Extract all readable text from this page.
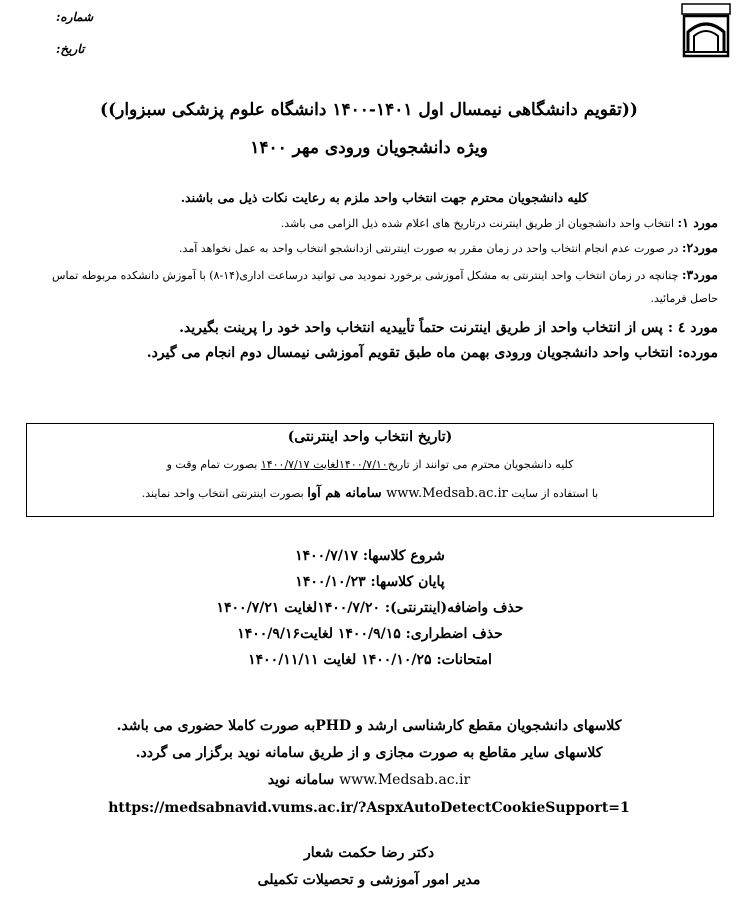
شماره:
تاریخ:
((تقویم دانشگاهی نیمسال اول ۱۴۰۱-۱۴۰۰ دانشگاه علوم پزشکی سبزوار))
ویژه دانشجویان ورودی مهر ۱۴۰۰
کلیه دانشجویان محترم جهت انتخاب واحد ملزم به رعایت نکات ذیل می باشند.
مورد ۱: انتخاب واحد دانشجویان از طریق اینترنت درتاریخ های اعلام شده ذیل الزامی می باشد.
مورد۲: در صورت عدم انجام انتخاب واحد در زمان مقرر به صورت اینترنتی ازدانشجو انتخاب واحد به عمل نخواهد آمد.
مورد۳: چنانچه در زمان انتخاب واحد اینترنتی به مشکل آموزشی برخورد نمودید می توانید درساعت اداری(۱۴-۸) با آموزش دانشکده مربوطه تماس
حاصل فرمائید.
مورد ٤ : پس از انتخاب واحد از طریق اینترنت حتماً تأییدیه انتخاب واحد خود را پرینت بگیرید.
مورده: انتخاب واحد دانشجویان ورودی بهمن ماه طبق تقویم آموزشی نیمسال دوم انجام می گیرد.
(تاریخ انتخاب واحد اینترنتی)
کلیه دانشجویان محترم می توانند از تاریخ۱۴۰۰/۷/۱۰لغایت ۱۴۰۰/۷/۱۷ بصورت تمام وقت و
با استفاده از سایت www.Medsab.ac.ir سامانه هم آوا بصورت اینترنتی انتخاب واحد نمایند.
شروع کلاسها: ۱۴۰۰/۷/۱۷
پایان کلاسها: ۱۴۰۰/۱۰/۲۳
حذف واضافه(اینترنتی): ۱۴۰۰/۷/۲۰لغایت ۱۴۰۰/۷/۲۱
حذف اضطراری: ۱۴۰۰/۹/۱۵ لغایت۱۴۰۰/۹/۱۶
امتحانات: ۱۴۰۰/۱۰/۲۵ لغایت ۱۴۰۰/۱۱/۱۱
کلاسهای دانشجویان مقطع کارشناسی ارشد و PHDبه صورت کاملا حضوری می باشد.
کلاسهای سایر مقاطع به صورت مجازی و از طریق سامانه نوید برگزار می گردد.
www.Medsab.ac.ir سامانه نوید
https://medsabnavid.vums.ac.ir/?AspxAutoDetectCookieSupport=1
دکتر رضا حکمت شعار
مدیر امور آموزشی و تحصیلات تکمیلی
